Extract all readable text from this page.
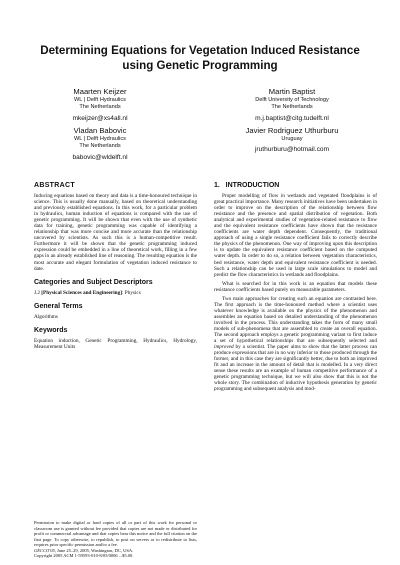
Determining Equations for Vegetation Induced Resistance
using Genetic Programming
Maarten Keijzer
WL | Delft Hydraulics
The Netherlands
mkeijzer@xs4all.nl
Martin Baptist
Delft University of Technology
The Netherlands
m.j.baptist@citg.tudelft.nl
Vladan Babovic
WL | Delft Hydraulics
The Netherlands
babovic@wldelft.nl
Javier Rodriguez Uthurburu
Uruguay
jruthurburu@hotmail.com
ABSTRACT

Inducing equations based on theory and data is a time-honoured technique in science. This is usually done manually, based on theoretical understanding and previously established equations. In this work, for a particular problem in hydraulics, human induction of equations is compared with the use of genetic programming. It will be shown that even with the use of synthetic data for training, genetic programming was capable of identifying a relationship that was more concise and more accurate than the relationship uncovered by scientists. As such this is a human-competitive result. Furthermore it will be shown that the genetic programming induced expression could be embedded in a line of theoretical work, filling in a few gaps in an already established line of reasoning. The resulting equation is the most accurate and elegant formulation of vegetation induced resistance to date.

Categories and Subject Descriptors

J.2 [Physical Sciences and Engineering]: Physics

General Terms

Algorithms

Keywords

Equation induction, Genetic Programming, Hydraulics, Hydrology, Measurement Units

Permission to make digital or hard copies of all or part of this work for personal or classroom use is granted without fee provided that copies are not made or distributed for profit or commercial advantage and that copies bear this notice and the full citation on the first page. To copy otherwise, to republish, to post on servers or to redistribute to lists, requires prior specific permission and/or a fee.
GECCO'05, June 25–29, 2005, Washington, DC, USA.
Copyright 2005 ACM 1-59593-010-8/05/0006 ...$5.00.
1.   INTRODUCTION

Proper modelling of flow in wetlands and vegetated floodplains is of great practical importance. Many research initiatives have been undertaken in order to improve on the description of the relationship between flow resistance and the presence and spatial distribution of vegetation. Both analytical and experimental studies of vegetation-related resistance to flow and the equivalent resistance coefficients have shown that the resistance coefficients are water depth dependent. Consequently, the traditional approach of using a single resistance coefficient fails to correctly describe the physics of the phenomenon. One way of improving upon this description is to update the equivalent resistance coefficient based on the computed water depth. In order to do so, a relation between vegetation characteristics, bed resistance, water depth and equivalent resistance coefficient is needed. Such a relationship can be used in large scale simulations to model and predict the flow characteristics in wetlands and floodplains.

What is searched for in this work is an equation that models these resistance coefficients based purely on measurable parameters.

Two main approaches for creating such an equation are contrasted here. The first approach is the time-honoured method where a scientist uses whatever knowledge is available on the physics of the phenomenon and assembles an equation based on detailed understanding of the phenomenon involved in the process. This understanding takes the form of many small models of sub-phenomena that are assembled to create an overall equation. The second approach employs a genetic programming variant to first induce a set of hypothetical relationships that are subsequently selected and improved by a scientist. The paper aims to show that the latter process can produce expressions that are in no way inferior to those produced through the former, and in this case they are significantly better, due to both an improved fit and an increase in the amount of detail that is modelled. In a very direct sense these results are an example of human competitive performance of a genetic programming technique, but we will also show that this is not the whole story. The combination of inductive hypothesis generation by genetic programming and subsequent analysis and mod-
